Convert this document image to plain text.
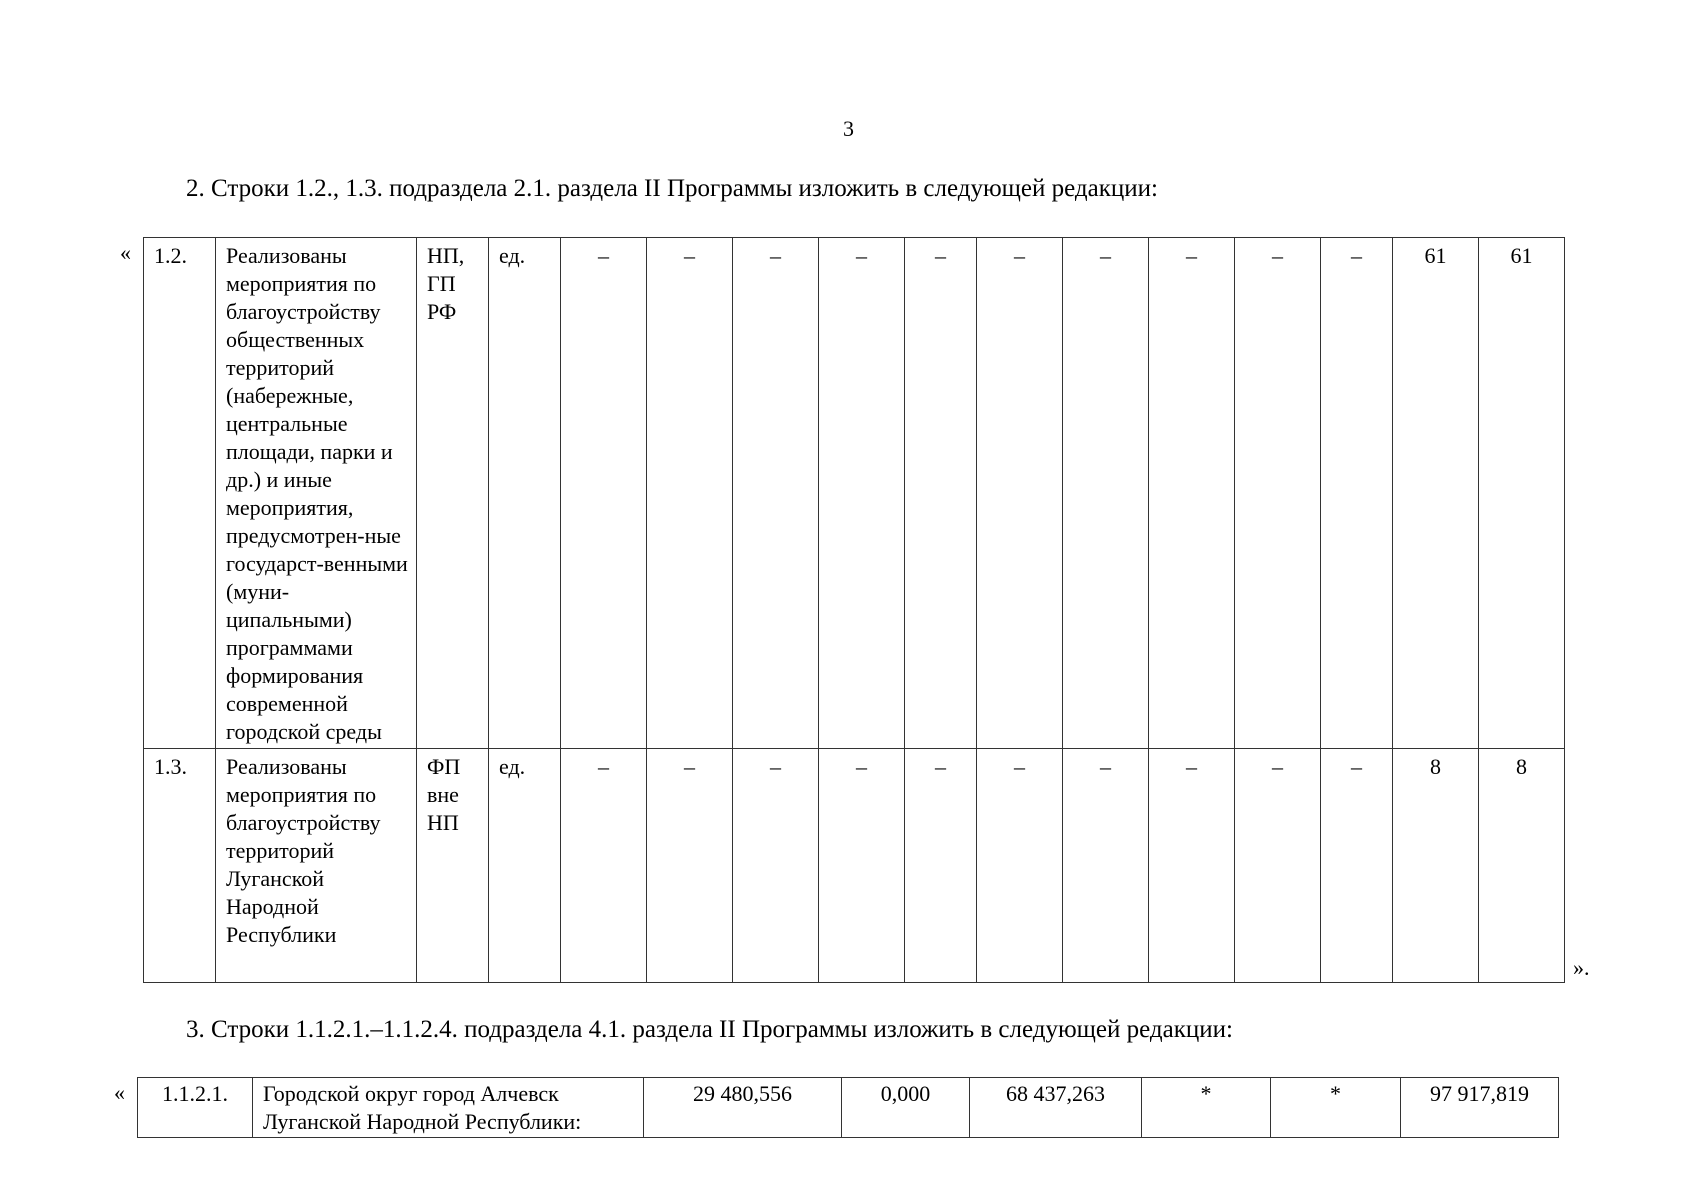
3
2. Строки 1.2., 1.3. подраздела 2.1. раздела II Программы изложить в следующей редакции:
« 1.2.	Реализованы мероприятия по благоустройству общественных территорий (набережные, центральные площади, парки и др.) и иные мероприятия, предусмотрен-ные государст-венными (муни-ципальными) программами формирования современной городской среды	НП, ГП РФ	ед.	–	–	–	–	–	–	–	–	–	–	61	61
1.3.	Реализованы мероприятия по благоустройству территорий Луганской Народной Республики	ФП вне НП	ед.	–	–	–	–	–	–	–	–	–	–	8	8
».
3. Строки 1.1.2.1.–1.1.2.4. подраздела 4.1. раздела II Программы изложить в следующей редакции:
« 1.1.2.1.	Городской округ город Алчевск Луганской Народной Республики:	29 480,556	0,000	68 437,263	*	*	97 917,819
